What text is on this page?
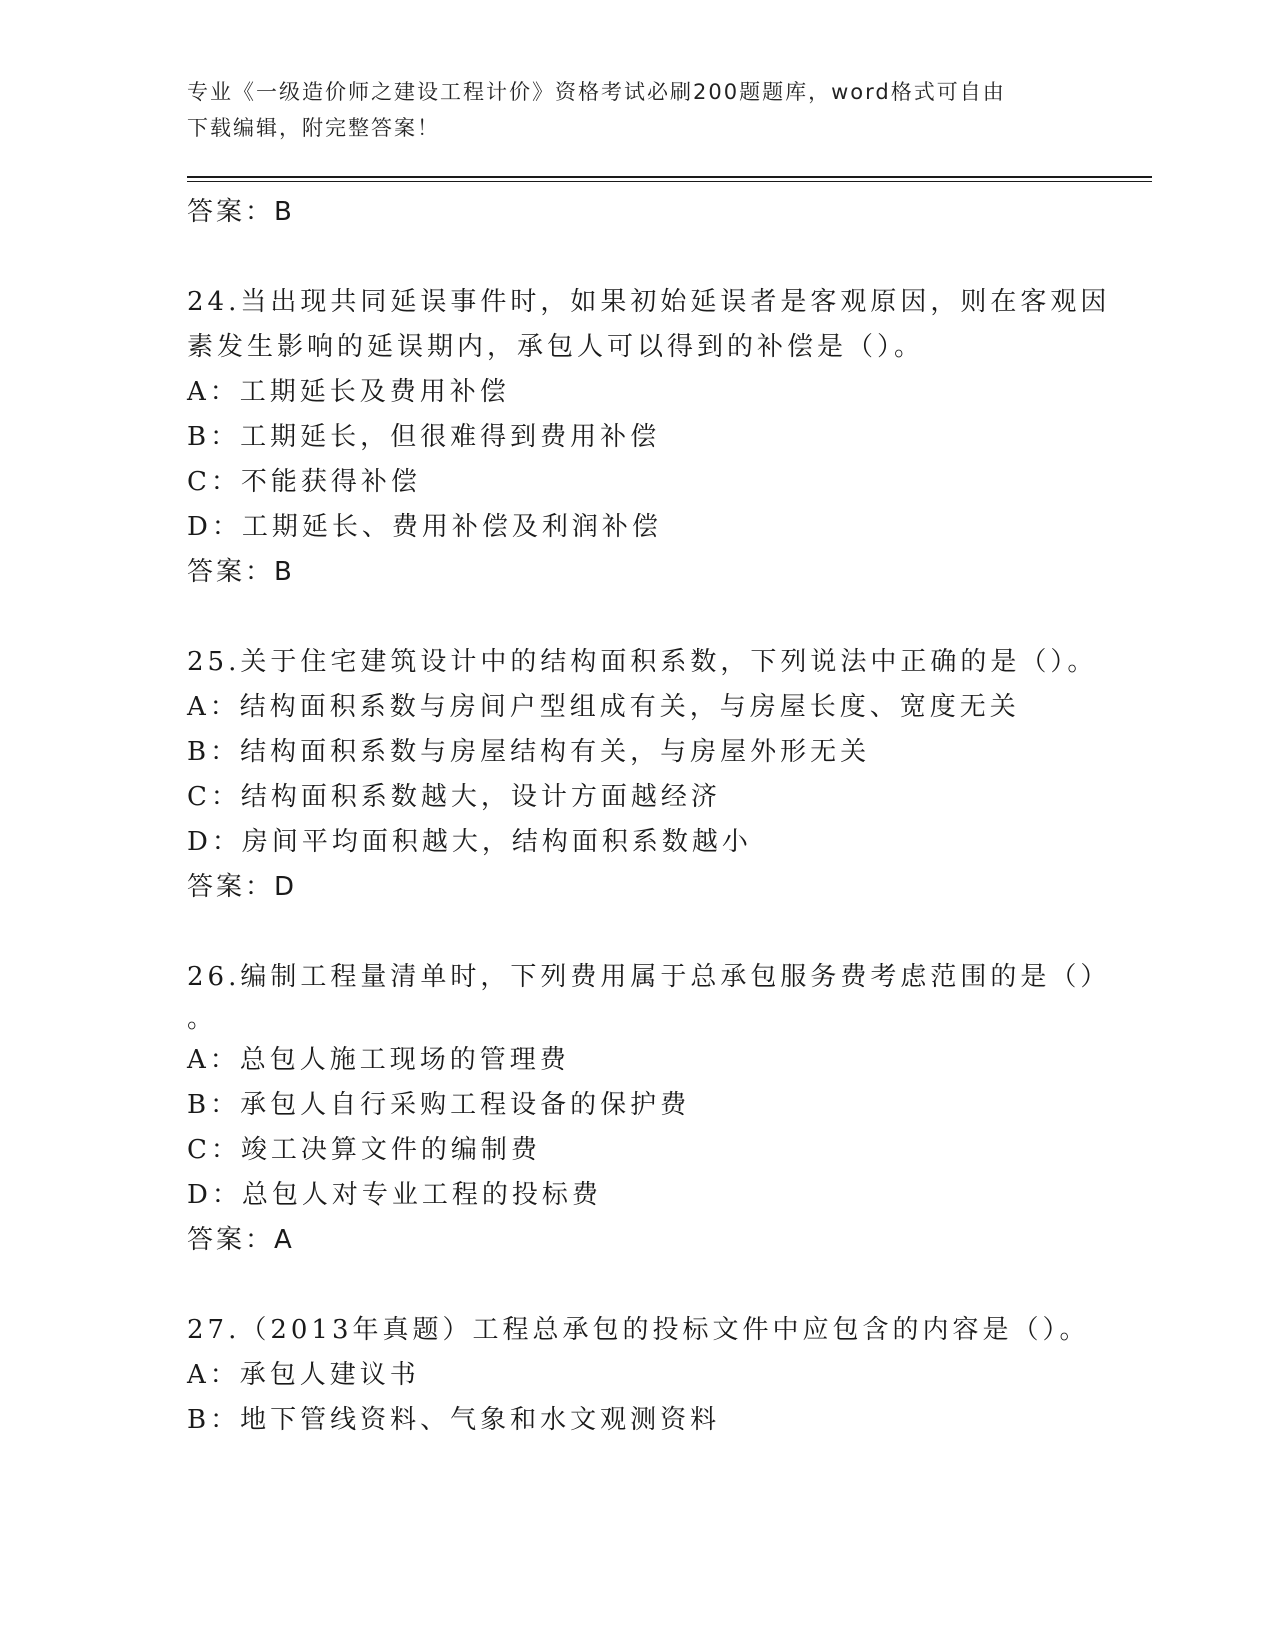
专业《一级造价师之建设工程计价》资格考试必刷200题题库，word格式可自由
下载编辑，附完整答案！
答案：B
24.当出现共同延误事件时，如果初始延误者是客观原因，则在客观因
素发生影响的延误期内，承包人可以得到的补偿是（）。
A：工期延长及费用补偿
B：工期延长，但很难得到费用补偿
C：不能获得补偿
D：工期延长、费用补偿及利润补偿
答案：B
25.关于住宅建筑设计中的结构面积系数，下列说法中正确的是（）。
A：结构面积系数与房间户型组成有关，与房屋长度、宽度无关
B：结构面积系数与房屋结构有关，与房屋外形无关
C：结构面积系数越大，设计方面越经济
D：房间平均面积越大，结构面积系数越小
答案：D
26.编制工程量清单时，下列费用属于总承包服务费考虑范围的是（）
。
A：总包人施工现场的管理费
B：承包人自行采购工程设备的保护费
C：竣工决算文件的编制费
D：总包人对专业工程的投标费
答案：A
27.（2013年真题）工程总承包的投标文件中应包含的内容是（）。
A：承包人建议书
B：地下管线资料、气象和水文观测资料
